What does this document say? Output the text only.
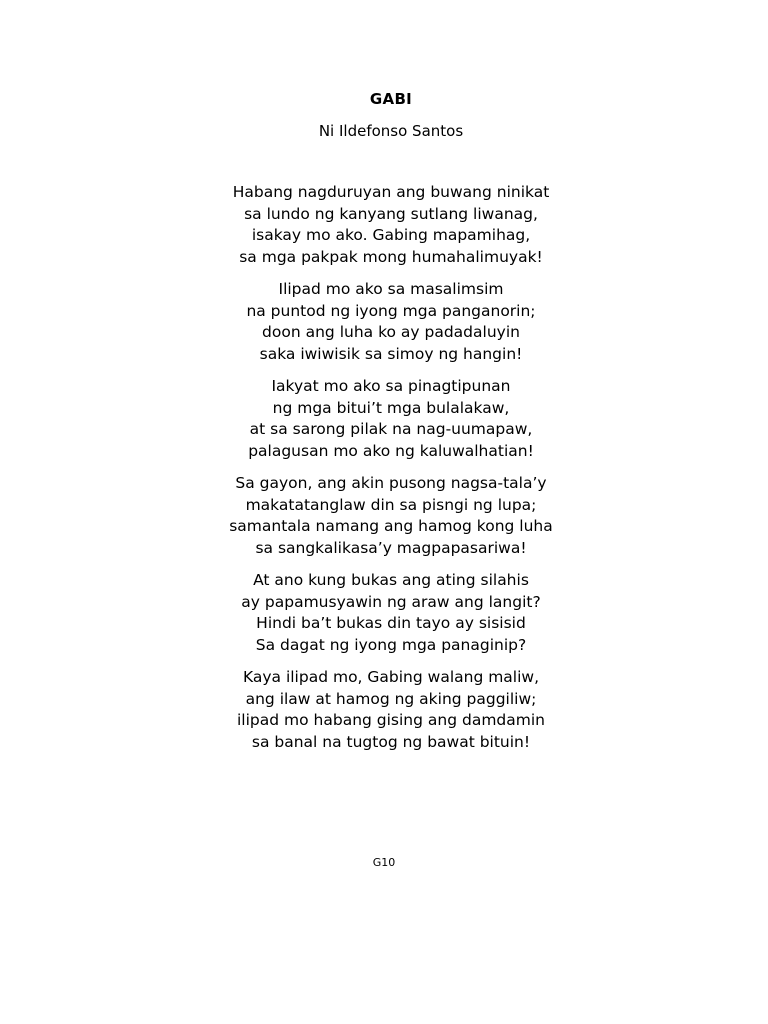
GABI
Ni Ildefonso Santos
Habang nagduruyan ang buwang ninikat
sa lundo ng kanyang sutlang liwanag,
isakay mo ako. Gabing mapamihag,
sa mga pakpak mong humahalimuyak!
Ilipad mo ako sa masalimsim
na puntod ng iyong mga panganorin;
doon ang luha ko ay padadaluyin
saka iwiwisik sa simoy ng hangin!
Iakyat mo ako sa pinagtipunan
ng mga bitui’t mga bulalakaw,
at sa sarong pilak na nag-uumapaw,
palagusan mo ako ng kaluwalhatian!
Sa gayon, ang akin pusong nagsa-tala’y
makatatanglaw din sa pisngi ng lupa;
samantala namang ang hamog kong luha
sa sangkalikasa’y magpapasariwa!
At ano kung bukas ang ating silahis
ay papamusyawin ng araw ang langit?
Hindi ba’t bukas din tayo ay sisisid
Sa dagat ng iyong mga panaginip?
Kaya ilipad mo, Gabing walang maliw,
ang ilaw at hamog ng aking paggiliw;
ilipad mo habang gising ang damdamin
sa banal na tugtog ng bawat bituin!
G10
